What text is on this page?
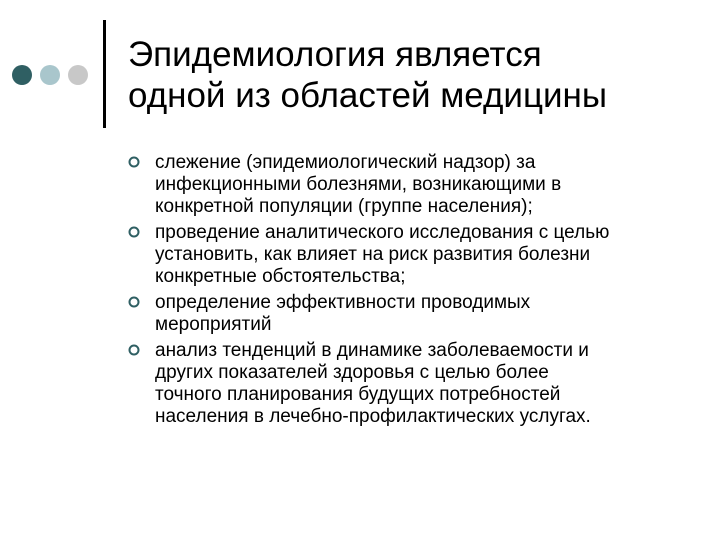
Эпидемиология является
одной из областей медицины
слежение (эпидемиологический надзор) за
инфекционными болезнями, возникающими в
конкретной популяции (группе населения);
проведение аналитического исследования с целью
установить, как влияет на риск развития болезни
конкретные обстоятельства;
определение эффективности проводимых
мероприятий
анализ тенденций в динамике заболеваемости и
других показателей здоровья с целью более
точного планирования будущих потребностей
населения в лечебно-профилактических услугах.
